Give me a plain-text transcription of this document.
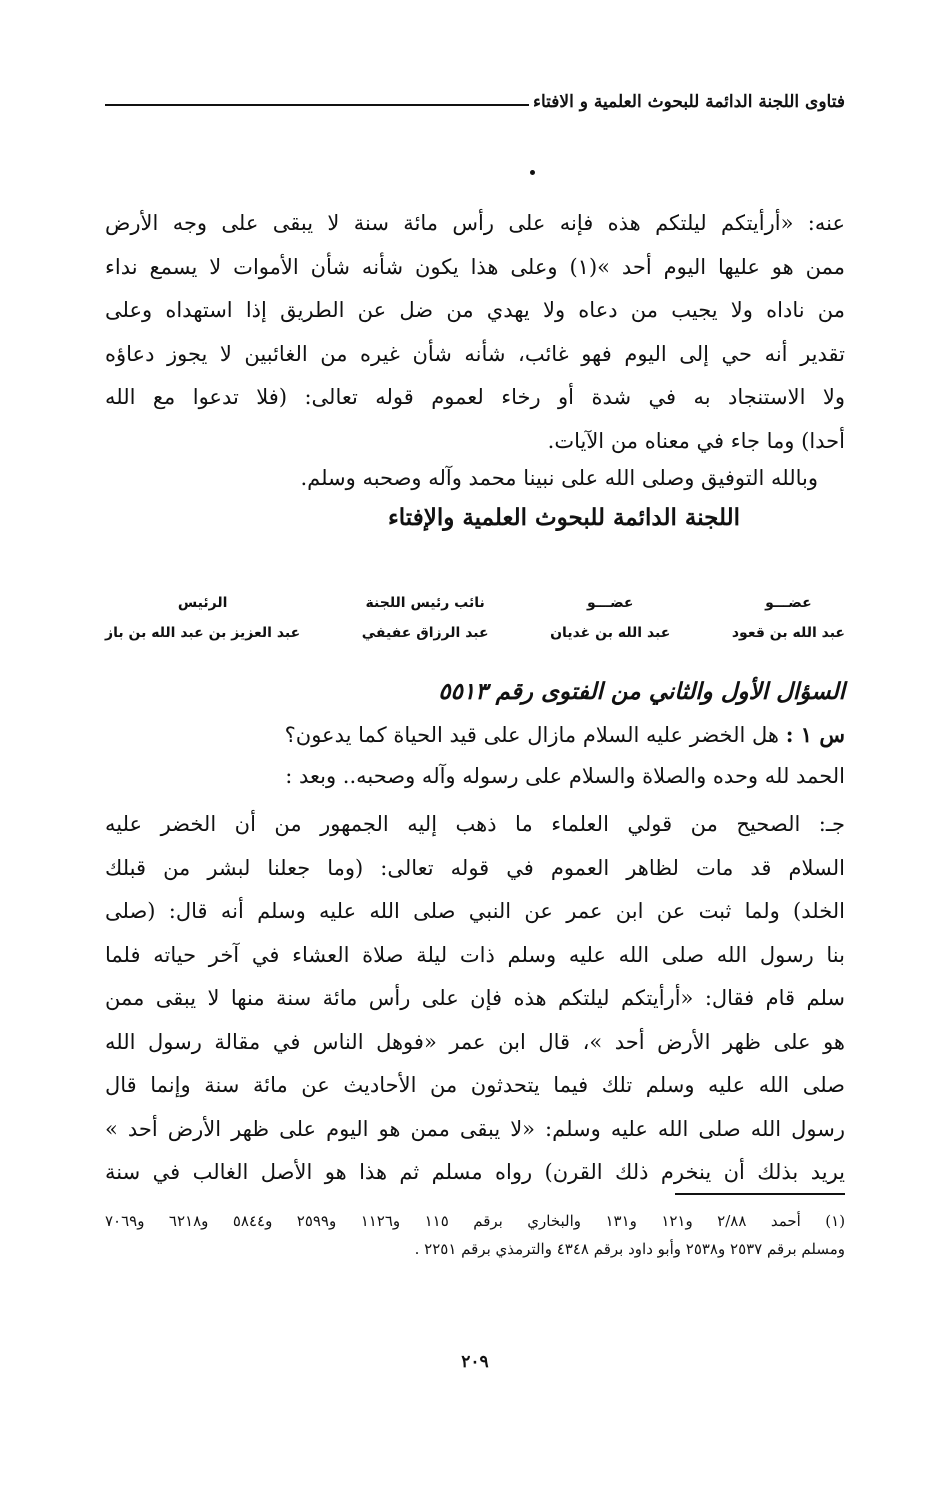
فتاوى اللجنة الدائمة للبحوث العلمية و الافتاء
عنه: «أرأيتكم ليلتكم هذه فإنه على رأس مائة سنة لا يبقى على وجه الأرض
ممن هو عليها اليوم أحد »(١) وعلى هذا يكون شأنه شأن الأموات لا يسمع نداء
من ناداه ولا يجيب من دعاه ولا يهدي من ضل عن الطريق إذا استهداه وعلى
تقدير أنه حي إلى اليوم فهو غائب، شأنه شأن غيره من الغائبين لا يجوز دعاؤه
ولا الاستنجاد به في شدة أو رخاء لعموم قوله تعالى: (فلا تدعوا مع الله
أحدا) وما جاء في معناه من الآيات.
وبالله التوفيق وصلى الله على نبينا محمد وآله وصحبه وسلم.
اللجنة الدائمة للبحوث العلمية والإفتاء
عضـــو
عبد الله بن قعود
عضـــو
عبد الله بن غديان
نائب رئيس اللجنة
عبد الرزاق عفيفي
الرئيس
عبد العزيز بن عبد الله بن باز
السؤال الأول والثاني من الفتوى رقم ٥٥١٣
س ١ : هل الخضر عليه السلام مازال على قيد الحياة كما يدعون؟
الحمد لله وحده والصلاة والسلام على رسوله وآله وصحبه.. وبعد :
جـ: الصحيح من قولي العلماء ما ذهب إليه الجمهور من أن الخضر عليه
السلام قد مات لظاهر العموم في قوله تعالى: (وما جعلنا لبشر من قبلك
الخلد) ولما ثبت عن ابن عمر عن النبي صلى الله عليه وسلم أنه قال: (صلى
بنا رسول الله صلى الله عليه وسلم ذات ليلة صلاة العشاء في آخر حياته فلما
سلم قام فقال: «أرأيتكم ليلتكم هذه فإن على رأس مائة سنة منها لا يبقى ممن
هو على ظهر الأرض أحد »، قال ابن عمر «فوهل الناس في مقالة رسول الله
صلى الله عليه وسلم تلك فيما يتحدثون من الأحاديث عن مائة سنة وإنما قال
رسول الله صلى الله عليه وسلم: «لا يبقى ممن هو اليوم على ظهر الأرض أحد »
يريد بذلك أن ينخرم ذلك القرن) رواه مسلم ثم هذا هو الأصل الغالب في سنة
(١) أحمد ٢/٨٨ و١٢١ و١٣١ والبخاري برقم ١١٥ و١١٢٦ و٢٥٩٩ و٥٨٤٤ و٦٢١٨ و٧٠٦٩
ومسلم برقم ٢٥٣٧ و٢٥٣٨ وأبو داود برقم ٤٣٤٨ والترمذي برقم ٢٢٥١ .
٢٠٩
